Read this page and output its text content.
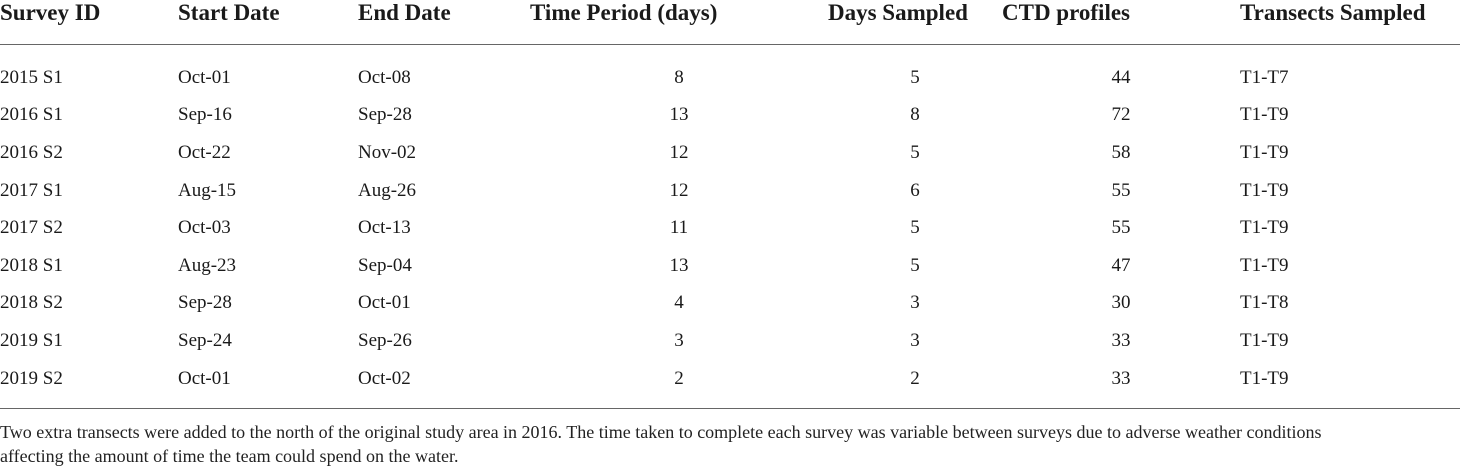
Survey ID	Start Date	End Date	Time Period (days)	Days Sampled	CTD profiles	Transects Sampled

2015 S1	Oct-01	Oct-08	8	5	44	T1-T7
2016 S1	Sep-16	Sep-28	13	8	72	T1-T9
2016 S2	Oct-22	Nov-02	12	5	58	T1-T9
2017 S1	Aug-15	Aug-26	12	6	55	T1-T9
2017 S2	Oct-03	Oct-13	11	5	55	T1-T9
2018 S1	Aug-23	Sep-04	13	5	47	T1-T9
2018 S2	Sep-28	Oct-01	4	3	30	T1-T8
2019 S1	Sep-24	Sep-26	3	3	33	T1-T9
2019 S2	Oct-01	Oct-02	2	2	33	T1-T9
Two extra transects were added to the north of the original study area in 2016. The time taken to complete each survey was variable between surveys due to adverse weather conditions
affecting the amount of time the team could spend on the water.
